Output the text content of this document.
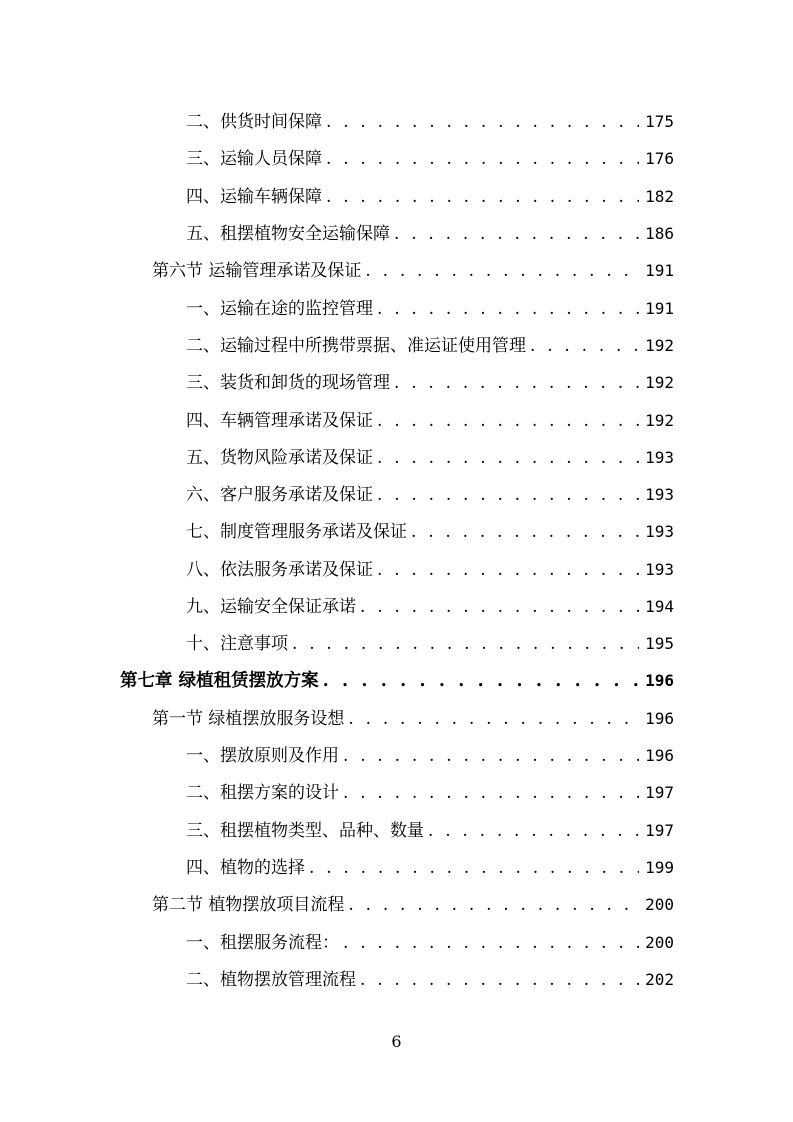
二、供货时间保障 . . .	175
三、运输人员保障 . . .	176
四、运输车辆保障 . . .	182
五、租摆植物安全运输保障 . . .	186
第六节 运输管理承诺及保证 . . .	191
一、运输在途的监控管理 . . .	191
二、运输过程中所携带票据、准运证使用管理 . . .	192
三、装货和卸货的现场管理 . . .	192
四、车辆管理承诺及保证 . . .	192
五、货物风险承诺及保证 . . .	193
六、客户服务承诺及保证 . . .	193
七、制度管理服务承诺及保证 . . .	193
八、依法服务承诺及保证 . . .	193
九、运输安全保证承诺 . . .	194
十、注意事项 . . .	195
第七章 绿植租赁摆放方案 . . .	196
第一节 绿植摆放服务设想 . . .	196
一、摆放原则及作用 . . .	196
二、租摆方案的设计 . . .	197
三、租摆植物类型、品种、数量 . . .	197
四、植物的选择 . . .	199
第二节 植物摆放项目流程 . . .	200
一、租摆服务流程： . . .	200
二、植物摆放管理流程 . . .	202
6
